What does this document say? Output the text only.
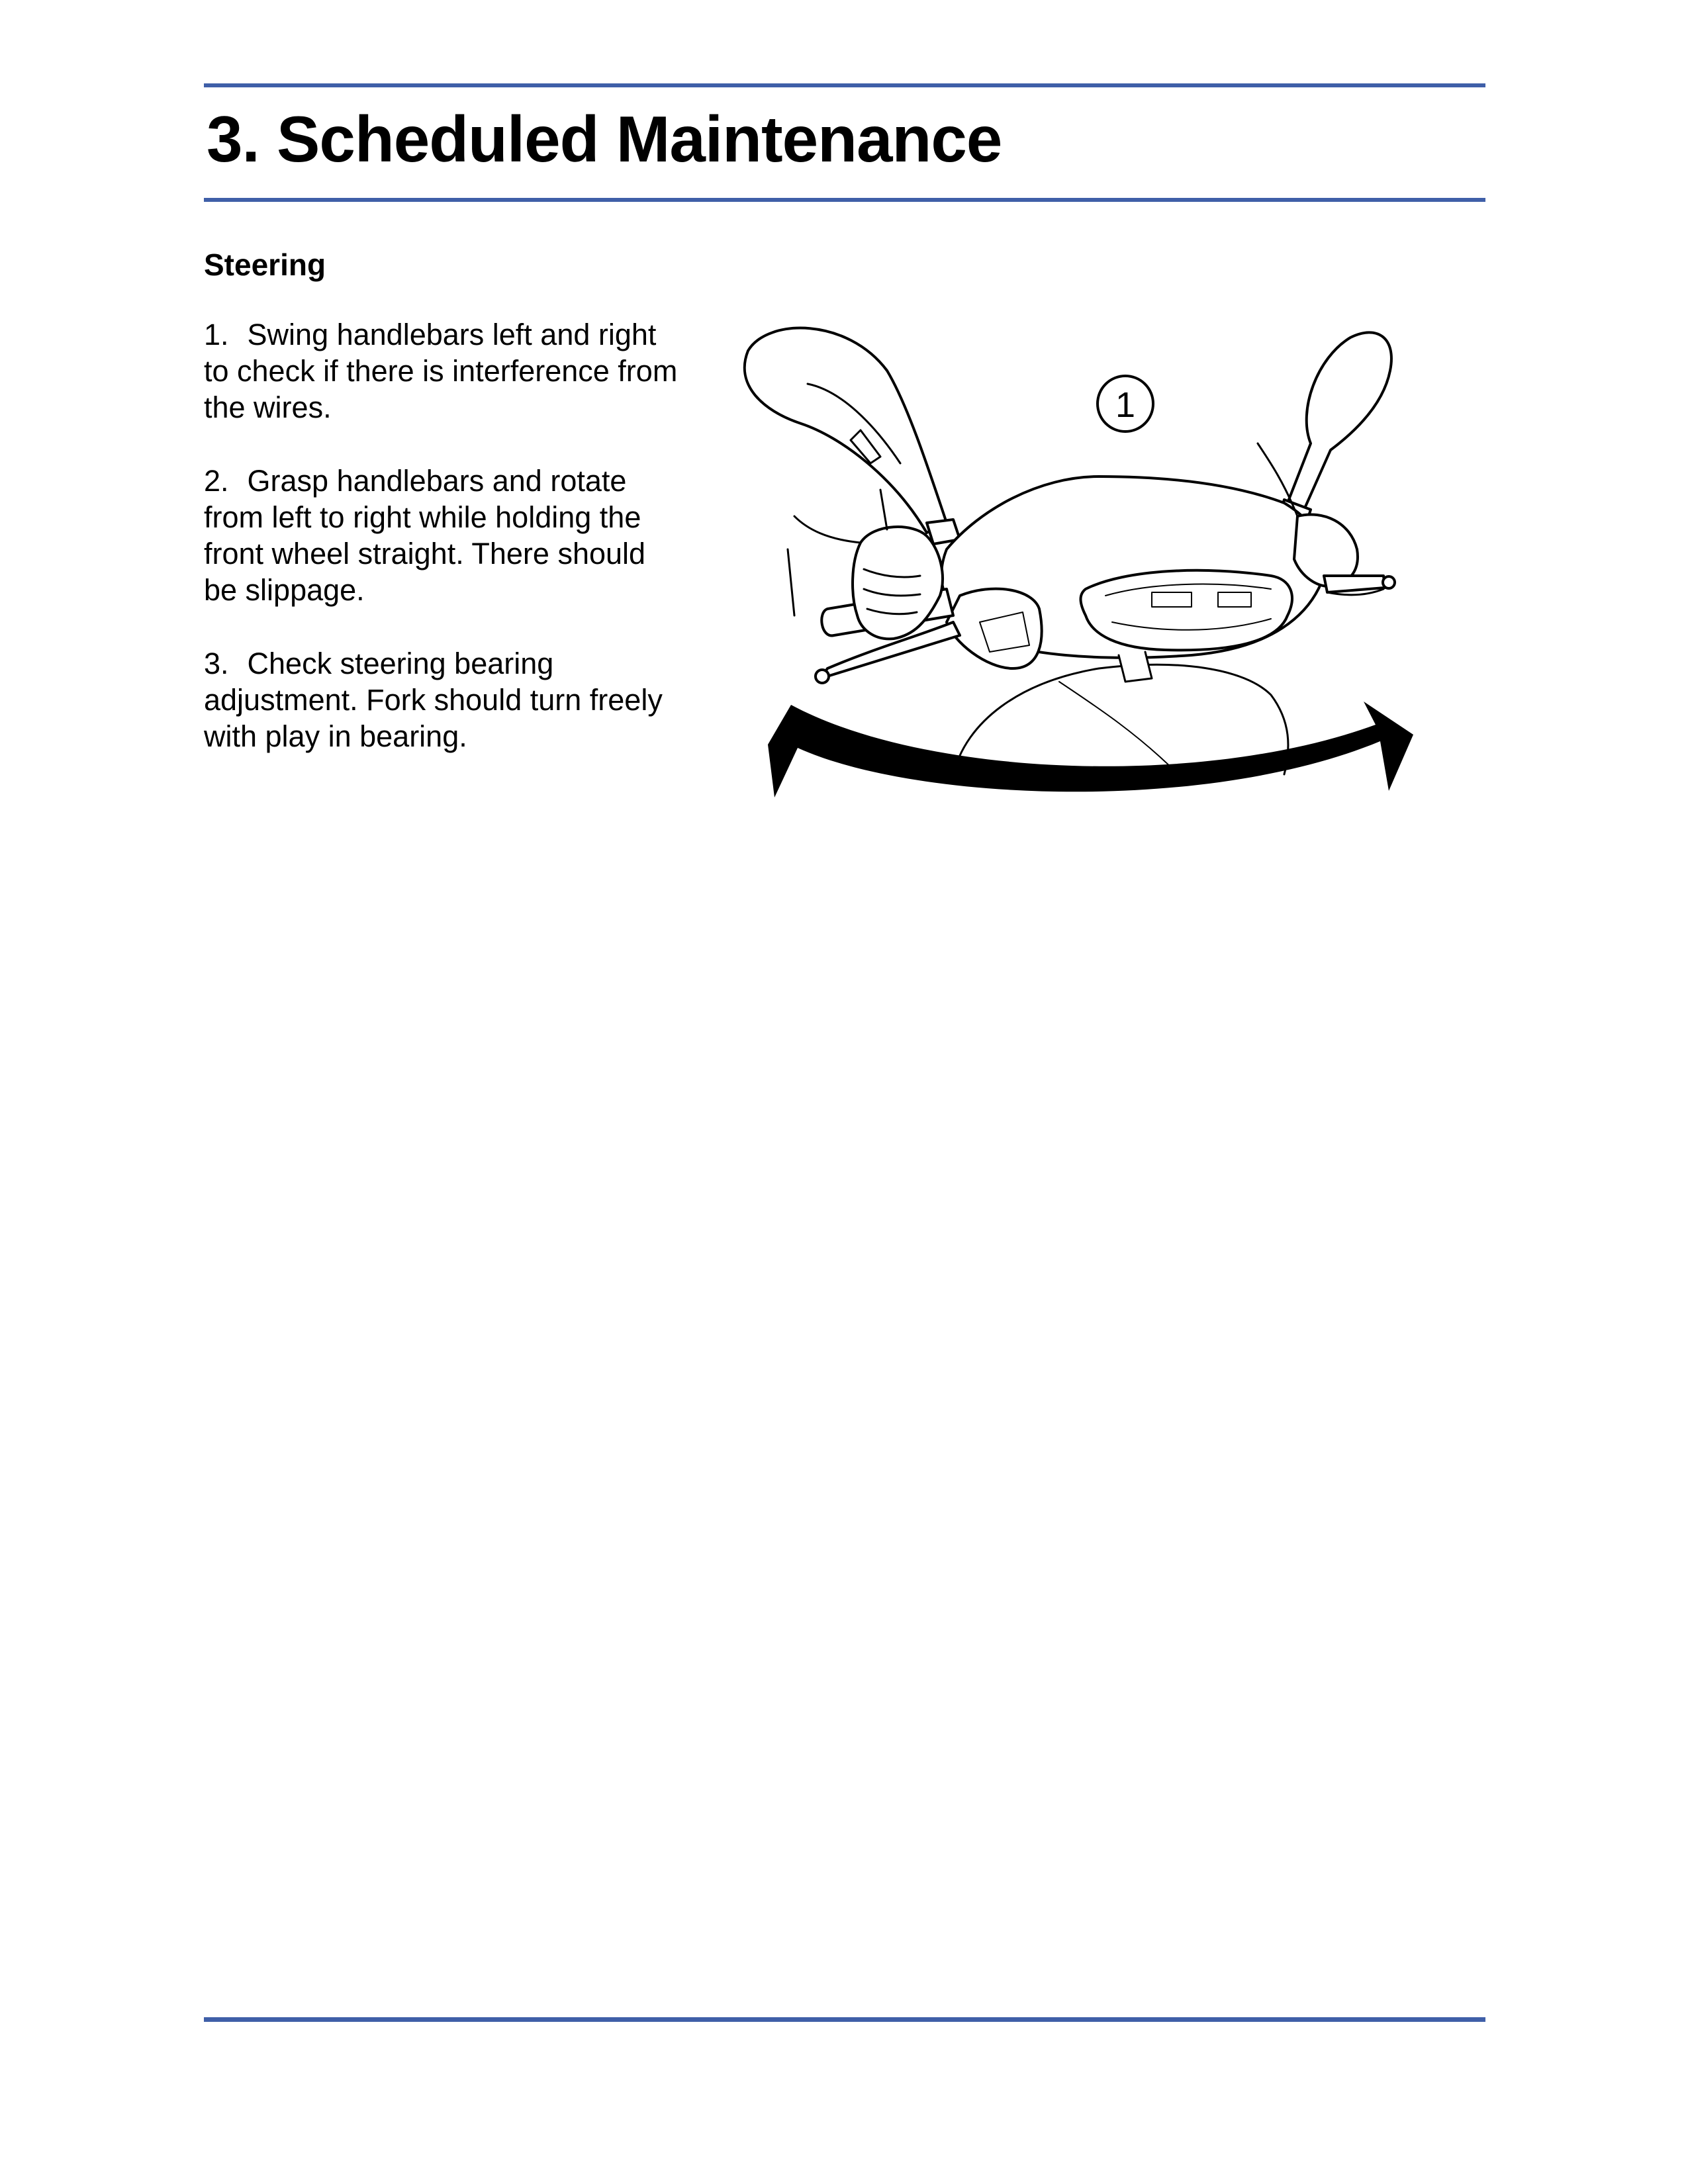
3. Scheduled Maintenance
Steering

1. Swing handlebars left and right to check if there is interference from the wires.

2. Grasp handlebars and rotate from left to right while holding the front wheel straight. There should be slippage.

3. Check steering bearing adjustment. Fork should turn freely with play in bearing.

1
